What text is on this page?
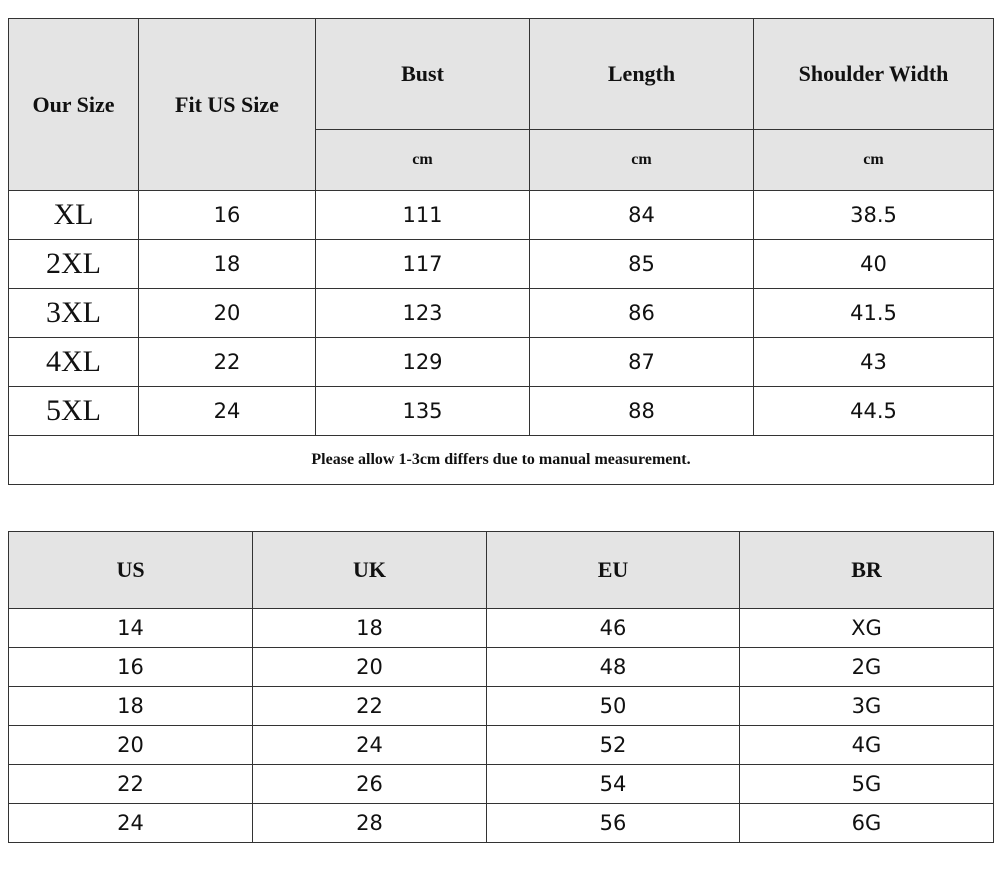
Our Size	Fit US Size	Bust	Length	Shoulder Width
		cm	cm	cm
XL	16	111	84	38.5
2XL	18	117	85	40
3XL	20	123	86	41.5
4XL	22	129	87	43
5XL	24	135	88	44.5
Please allow 1-3cm differs due to manual measurement.				
US	UK	EU	BR
14	18	46	XG
16	20	48	2G
18	22	50	3G
20	24	52	4G
22	26	54	5G
24	28	56	6G
